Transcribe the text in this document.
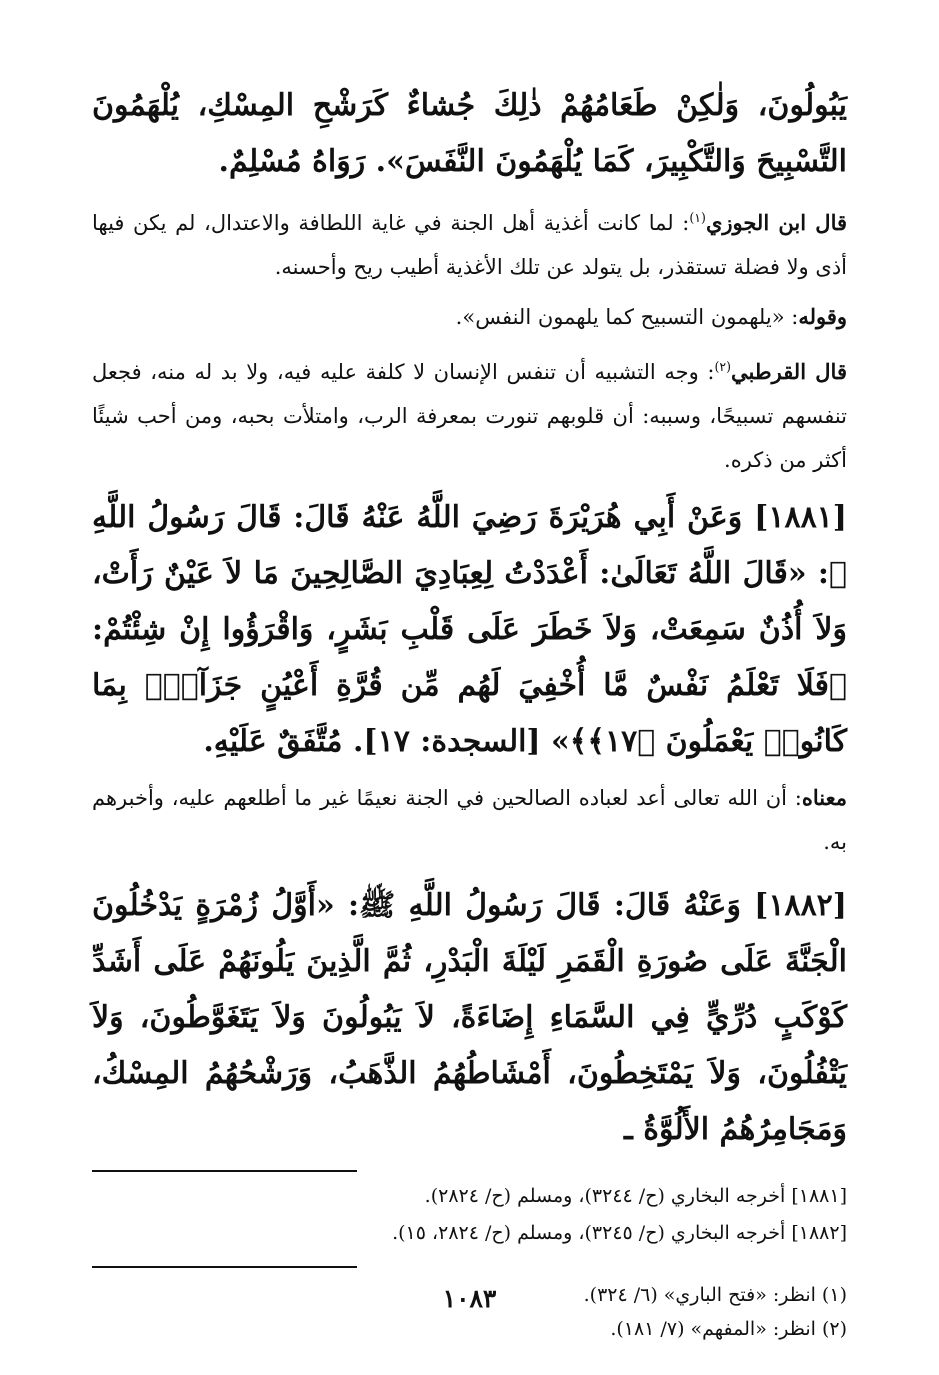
يَبُولُونَ، وَلٰكِنْ طَعَامُهُمْ ذٰلِكَ جُشاءٌ كَرَشْحِ المِسْكِ، يُلْهَمُونَ التَّسْبِيحَ وَالتَّكْبِيرَ، كَمَا يُلْهَمُونَ النَّفَسَ». رَوَاهُ مُسْلِمٌ.

قال ابن الجوزي$^{(١)}$: لما كانت أغذية أهل الجنة في غاية اللطافة والاعتدال، لم يكن فيها أذى ولا فضلة تستقذر، بل يتولد عن تلك الأغذية أطيب ريح وأحسنه.

وقوله: «يلهمون التسبيح كما يلهمون النفس».

قال القرطبي$^{(٢)}$: وجه التشبيه أن تنفس الإنسان لا كلفة عليه فيه، ولا بد له منه، فجعل تنفسهم تسبيحًا، وسببه: أن قلوبهم تنورت بمعرفة الرب، وامتلأت بحبه، ومن أحب شيئًا أكثر من ذكره.

[١٨٨١] وَعَنْ أَبِي هُرَيْرَةَ رَضِيَ اللَّهُ عَنْهُ قَالَ: قَالَ رَسُولُ اللَّهِ ﷺ: «قَالَ اللَّهُ تَعَالَىٰ: أَعْدَدْتُ لِعِبَادِيَ الصَّالِحِينَ مَا لاَ عَيْنٌ رَأَتْ، وَلاَ أُذُنٌ سَمِعَتْ، وَلاَ خَطَرَ عَلَى قَلْبِ بَشَرٍ، وَاقْرَؤُوا إِنْ شِئْتُمْ: ﴿فَلَا تَعْلَمُ نَفْسٌ مَّا أُخْفِيَ لَهُم مِّن قُرَّةِ أَعْيُنٍ جَزَآءًۢ بِمَا كَانُوا۟ يَعْمَلُونَ ﴿١٧﴾﴾» [السجدة: ١٧]. مُتَّفَقٌ عَلَيْهِ.

معناه: أن الله تعالى أعد لعباده الصالحين في الجنة نعيمًا غير ما أطلعهم عليه، وأخبرهم به.

[١٨٨٢] وَعَنْهُ قَالَ: قَالَ رَسُولُ اللَّهِ ﷺ: «أَوَّلُ زُمْرَةٍ يَدْخُلُونَ الْجَنَّةَ عَلَى صُورَةِ الْقَمَرِ لَيْلَةَ الْبَدْرِ، ثُمَّ الَّذِينَ يَلُونَهُمْ عَلَى أَشَدِّ كَوْكَبٍ دُرِّيٍّ فِي السَّمَاءِ إِضَاءَةً، لاَ يَبُولُونَ وَلاَ يَتَغَوَّطُونَ، وَلاَ يَتْفُلُونَ، وَلاَ يَمْتَخِطُونَ، أَمْشَاطُهُمُ الذَّهَبُ، وَرَشْحُهُمُ المِسْكُ، وَمَجَامِرُهُمُ الأَلُوَّةُ ـ

[١٨٨١] أخرجه البخاري (ح/ ٣٢٤٤)، ومسلم (ح/ ٢٨٢٤).
[١٨٨٢] أخرجه البخاري (ح/ ٣٢٤٥)، ومسلم (ح/ ٢٨٢٤، ١٥).
(١) انظر: «فتح الباري» (٦/ ٣٢٤).
(٢) انظر: «المفهم» (٧/ ١٨١).
١٠٨٣
